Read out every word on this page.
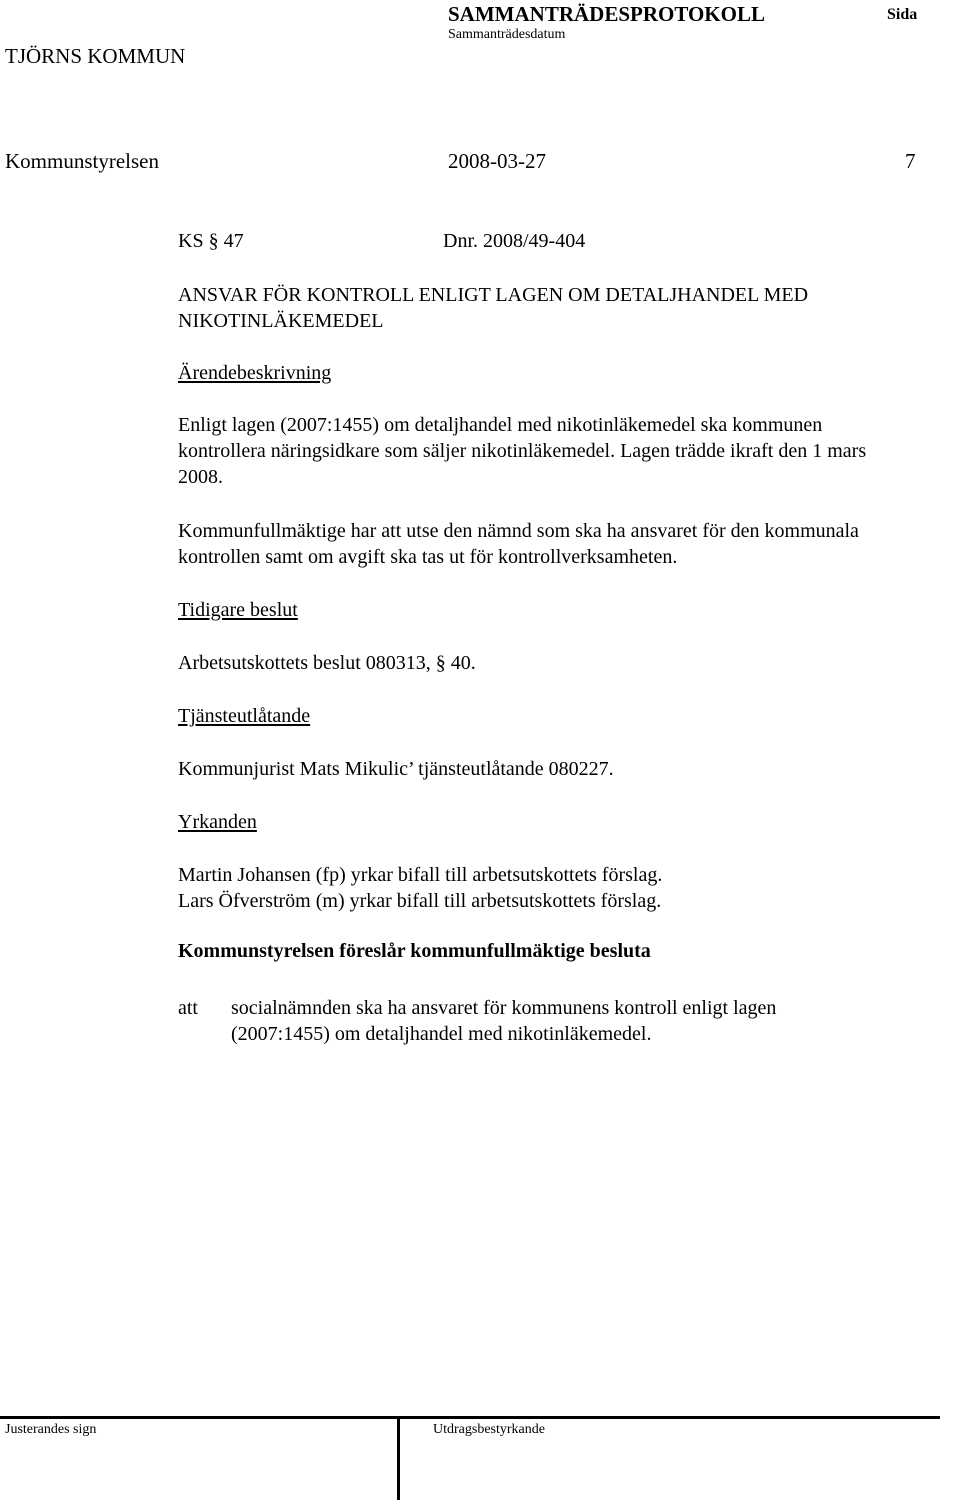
TJÖRNS KOMMUN
SAMMANTRÄDESPROTOKOLL
Sammanträdesdatum
Sida
Kommunstyrelsen	2008-03-27	7
KS § 47	Dnr. 2008/49-404
ANSVAR FÖR KONTROLL ENLIGT LAGEN OM DETALJHANDEL MED NIKOTINLÄKEMEDEL
Ärendebeskrivning
Enligt lagen (2007:1455) om detaljhandel med nikotinläkemedel ska kommunen
kontrollera näringsidkare som säljer nikotinläkemedel. Lagen trädde ikraft den 1 mars
2008.
Kommunfullmäktige har att utse den nämnd som ska ha ansvaret för den kommunala
kontrollen samt om avgift ska tas ut för kontrollverksamheten.
Tidigare beslut
Arbetsutskottets beslut 080313, § 40.
Tjänsteutlåtande
Kommunjurist Mats Mikulic’ tjänsteutlåtande 080227.
Yrkanden
Martin Johansen (fp) yrkar bifall till arbetsutskottets förslag.
Lars Öfverström (m) yrkar bifall till arbetsutskottets förslag.
Kommunstyrelsen föreslår kommunfullmäktige besluta
att socialnämnden ska ha ansvaret för kommunens kontroll enligt lagen
(2007:1455) om detaljhandel med nikotinläkemedel.
Justerandes sign	Utdragsbestyrkande
